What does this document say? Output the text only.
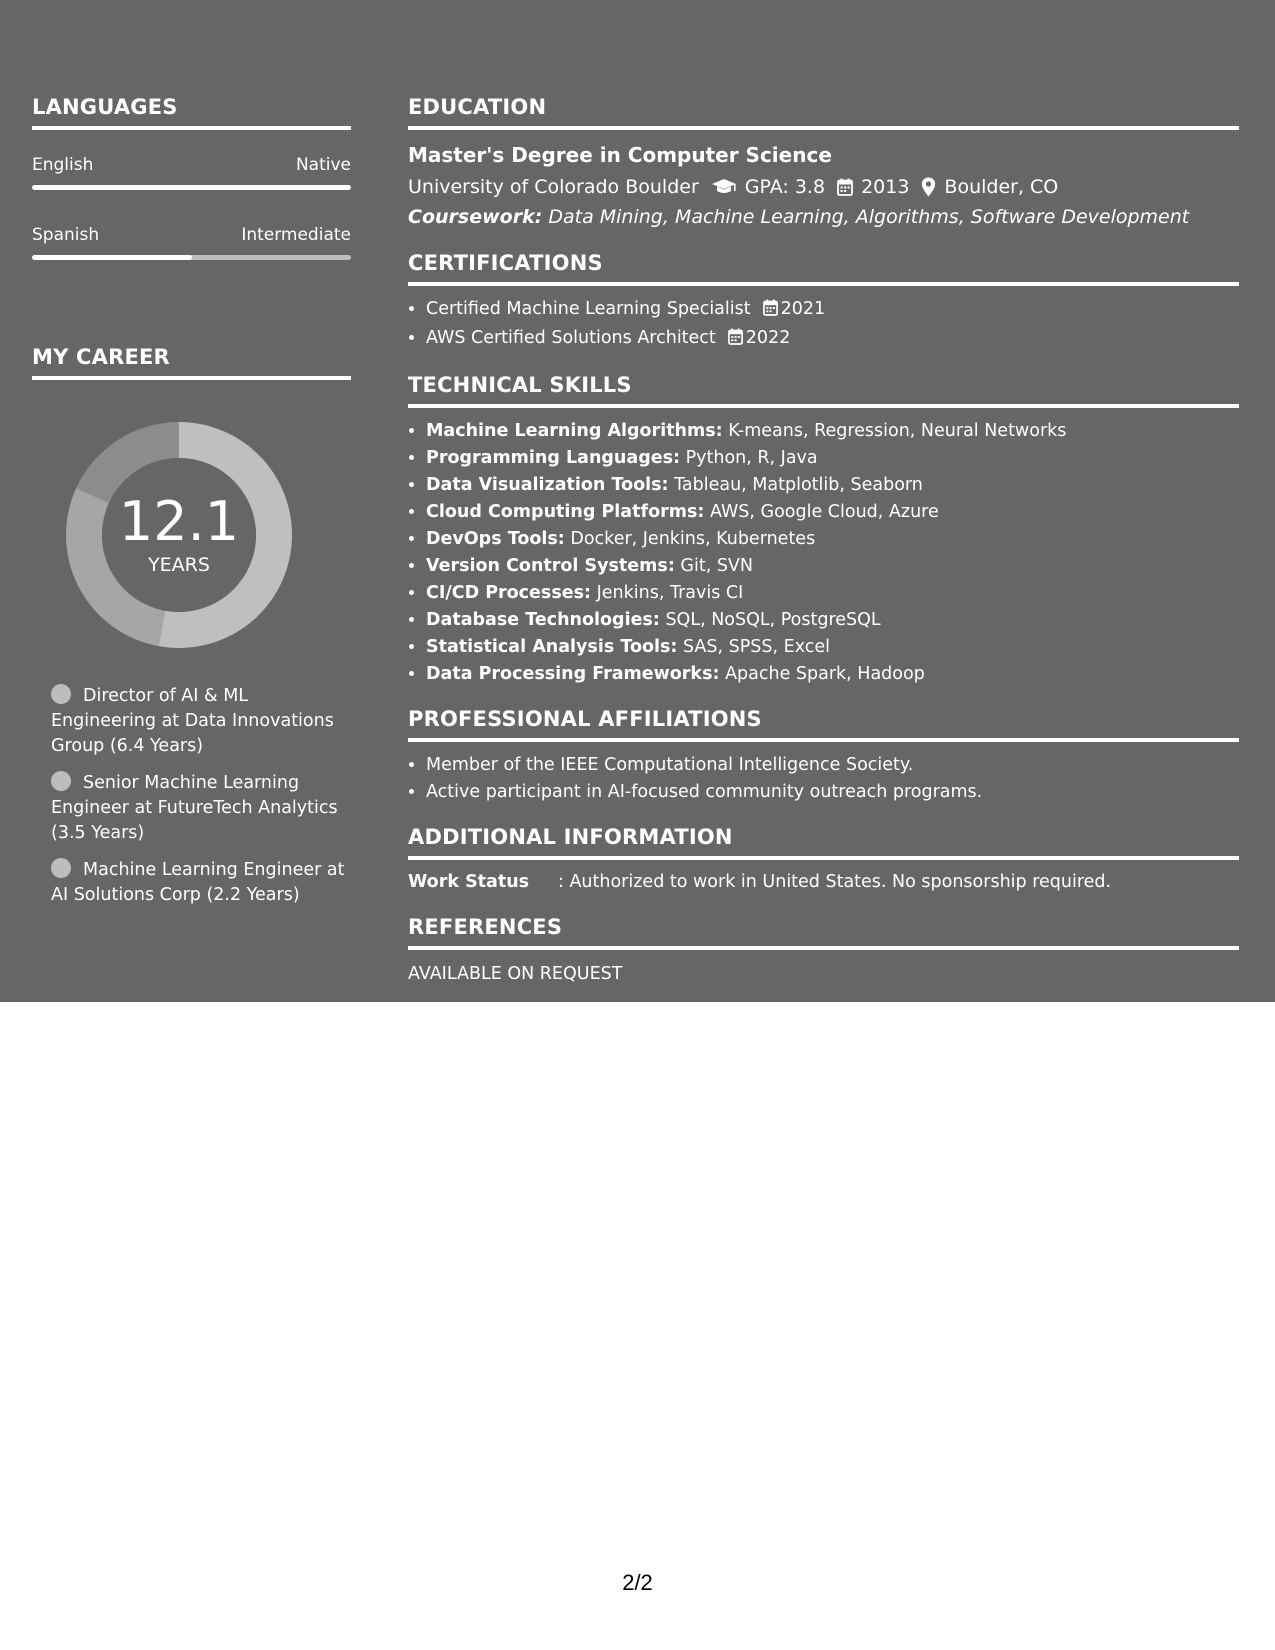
LANGUAGES
English	Native
Spanish	Intermediate
MY CAREER
12.1
YEARS
Director of AI & ML Engineering at Data Innovations Group (6.4 Years)
Senior Machine Learning Engineer at FutureTech Analytics (3.5 Years)
Machine Learning Engineer at AI Solutions Corp (2.2 Years)
EDUCATION
Master's Degree in Computer Science
University of Colorado Boulder GPA: 3.8 2013 Boulder, CO
Coursework: Data Mining, Machine Learning, Algorithms, Software Development
CERTIFICATIONS
• Certified Machine Learning Specialist 2021
• AWS Certified Solutions Architect 2022
TECHNICAL SKILLS
• Machine Learning Algorithms: K-means, Regression, Neural Networks
• Programming Languages: Python, R, Java
• Data Visualization Tools: Tableau, Matplotlib, Seaborn
• Cloud Computing Platforms: AWS, Google Cloud, Azure
• DevOps Tools: Docker, Jenkins, Kubernetes
• Version Control Systems: Git, SVN
• CI/CD Processes: Jenkins, Travis CI
• Database Technologies: SQL, NoSQL, PostgreSQL
• Statistical Analysis Tools: SAS, SPSS, Excel
• Data Processing Frameworks: Apache Spark, Hadoop
PROFESSIONAL AFFILIATIONS
• Member of the IEEE Computational Intelligence Society.
• Active participant in AI-focused community outreach programs.
ADDITIONAL INFORMATION
Work Status	: Authorized to work in United States. No sponsorship required.
REFERENCES
AVAILABLE ON REQUEST
2/2
